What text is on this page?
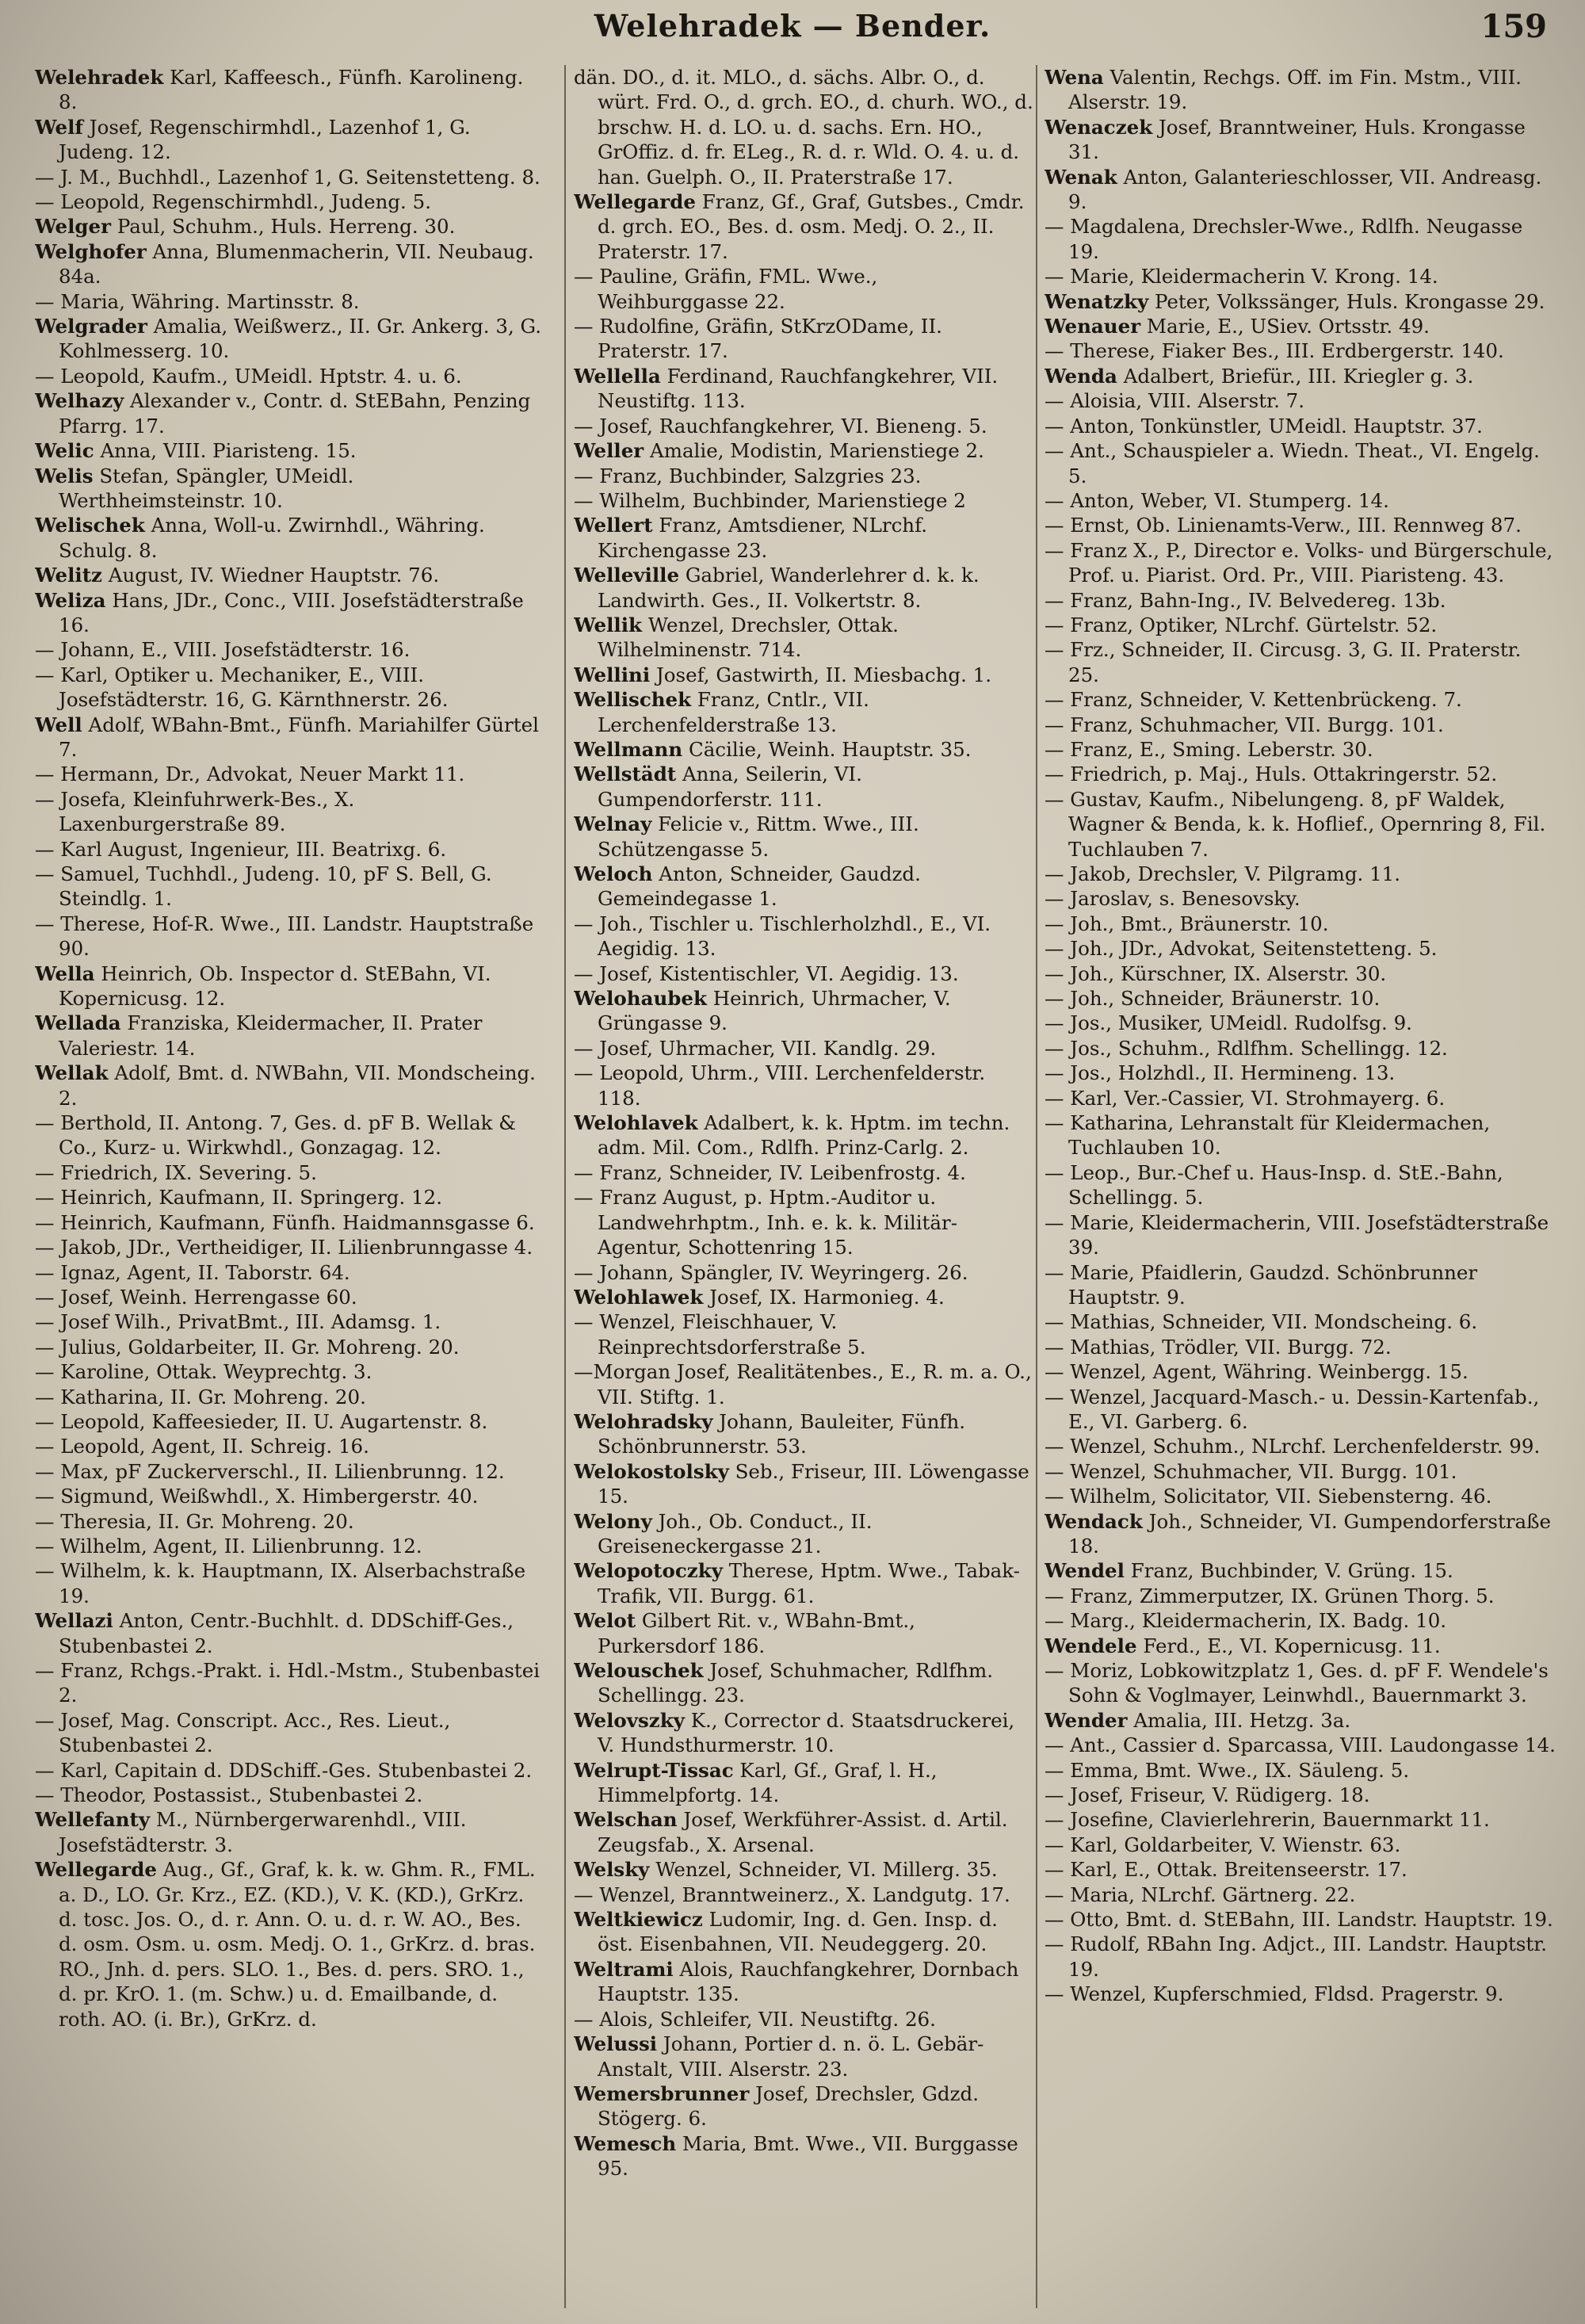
Welehradek — Bender.	159

Welehradek Karl, Kaffeesch., Fünfh. Karolineng. 8.

Welf Josef, Regenschirmhdl., Lazenhof 1, G. Judeng. 12.

— J. M., Buchhdl., Lazenhof 1, G. Seitenstetteng. 8.

— Leopold, Regenschirmhdl., Judeng. 5.

Welger Paul, Schuhm., Huls. Herreng. 30.

Welghofer Anna, Blumenmacherin, VII. Neubaug. 84a.

— Maria, Währing. Martinsstr. 8.

Welgrader Amalia, Weißwerz., II. Gr. Ankerg. 3, G. Kohlmesserg. 10.

— Leopold, Kaufm., UMeidl. Hptstr. 4. u. 6.

Welhazy Alexander v., Contr. d. StEBahn, Penzing Pfarrg. 17.

Welic Anna, VIII. Piaristeng. 15.

Welis Stefan, Spängler, UMeidl. Werthheimsteinstr. 10.

Welischek Anna, Woll-u. Zwirnhdl., Währing. Schulg. 8.

Welitz August, IV. Wiedner Hauptstr. 76.

Weliza Hans, JDr., Conc., VIII. Josefstädterstraße 16.

— Johann, E., VIII. Josefstädterstr. 16.

— Karl, Optiker u. Mechaniker, E., VIII. Josefstädterstr. 16, G. Kärnthnerstr. 26.

Well Adolf, WBahn-Bmt., Fünfh. Mariahilfer Gürtel 7.

— Hermann, Dr., Advokat, Neuer Markt 11.

— Josefa, Kleinfuhrwerk-Bes., X. Laxenburgerstraße 89.

— Karl August, Ingenieur, III. Beatrixg. 6.

— Samuel, Tuchhdl., Judeng. 10, pF S. Bell, G. Steindlg. 1.

— Therese, Hof-R. Wwe., III. Landstr. Hauptstraße 90.

Wella Heinrich, Ob. Inspector d. StEBahn, VI. Kopernicusg. 12.

Wellada Franziska, Kleidermacher, II. Prater Valeriestr. 14.

Wellak Adolf, Bmt. d. NWBahn, VII. Mondscheing. 2.

— Berthold, II. Antong. 7, Ges. d. pF B. Wellak & Co., Kurz- u. Wirkwhdl., Gonzagag. 12.

— Friedrich, IX. Severing. 5.

— Heinrich, Kaufmann, II. Springerg. 12.

— Heinrich, Kaufmann, Fünfh. Haidmannsgasse 6.

— Jakob, JDr., Vertheidiger, II. Lilienbrunngasse 4.

— Ignaz, Agent, II. Taborstr. 64.

— Josef, Weinh. Herrengasse 60.

— Josef Wilh., PrivatBmt., III. Adamsg. 1.

— Julius, Goldarbeiter, II. Gr. Mohreng. 20.

— Karoline, Ottak. Weyprechtg. 3.

— Katharina, II. Gr. Mohreng. 20.

— Leopold, Kaffeesieder, II. U. Augartenstr. 8.

— Leopold, Agent, II. Schreig. 16.

— Max, pF Zuckerverschl., II. Lilienbrunng. 12.

— Sigmund, Weißwhdl., X. Himbergerstr. 40.

— Theresia, II. Gr. Mohreng. 20.

— Wilhelm, Agent, II. Lilienbrunng. 12.

— Wilhelm, k. k. Hauptmann, IX. Alserbachstraße 19.

Wellazi Anton, Centr.-Buchhlt. d. DDSchiff-Ges., Stubenbastei 2.

— Franz, Rchgs.-Prakt. i. Hdl.-Mstm., Stubenbastei 2.

— Josef, Mag. Conscript. Acc., Res. Lieut., Stubenbastei 2.

— Karl, Capitain d. DDSchiff.-Ges. Stubenbastei 2.

— Theodor, Postassist., Stubenbastei 2.

Wellefanty M., Nürnbergerwarenhdl., VIII. Josefstädterstr. 3.

Wellegarde Aug., Gf., Graf, k. k. w. Ghm. R., FML. a. D., LO. Gr. Krz., EZ. (KD.), V. K. (KD.), GrKrz. d. tosc. Jos. O., d. r. Ann. O. u. d. r. W. AO., Bes. d. osm. Osm. u. osm. Medj. O. 1., GrKrz. d. bras. RO., Jnh. d. pers. SLO. 1., Bes. d. pers. SRO. 1., d. pr. KrO. 1. (m. Schw.) u. d. Emailbande, d. roth. AO. (i. Br.), GrKrz. d.

dän. DO., d. it. MLO., d. sächs. Albr. O., d. würt. Frd. O., d. grch. EO., d. churh. WO., d. brschw. H. d. LO. u. d. sachs. Ern. HO., GrOffiz. d. fr. ELeg., R. d. r. Wld. O. 4. u. d. han. Guelph. O., II. Praterstraße 17.

Wellegarde Franz, Gf., Graf, Gutsbes., Cmdr. d. grch. EO., Bes. d. osm. Medj. O. 2., II. Praterstr. 17.

— Pauline, Gräfin, FML. Wwe., Weihburggasse 22.

— Rudolfine, Gräfin, StKrzODame, II. Praterstr. 17.

Wellella Ferdinand, Rauchfangkehrer, VII. Neustiftg. 113.

— Josef, Rauchfangkehrer, VI. Bieneng. 5.

Weller Amalie, Modistin, Marienstiege 2.

— Franz, Buchbinder, Salzgries 23.

— Wilhelm, Buchbinder, Marienstiege 2

Wellert Franz, Amtsdiener, NLrchf. Kirchengasse 23.

Welleville Gabriel, Wanderlehrer d. k. k. Landwirth. Ges., II. Volkertstr. 8.

Wellik Wenzel, Drechsler, Ottak. Wilhelminenstr. 714.

Wellini Josef, Gastwirth, II. Miesbachg. 1.

Wellischek Franz, Cntlr., VII. Lerchenfelderstraße 13.

Wellmann Cäcilie, Weinh. Hauptstr. 35.

Wellstädt Anna, Seilerin, VI. Gumpendorferstr. 111.

Welnay Felicie v., Rittm. Wwe., III. Schützengasse 5.

Weloch Anton, Schneider, Gaudzd. Gemeindegasse 1.

— Joh., Tischler u. Tischlerholzhdl., E., VI. Aegidig. 13.

— Josef, Kistentischler, VI. Aegidig. 13.

Welohaubek Heinrich, Uhrmacher, V. Grüngasse 9.

— Josef, Uhrmacher, VII. Kandlg. 29.

— Leopold, Uhrm., VIII. Lerchenfelderstr. 118.

Welohlavek Adalbert, k. k. Hptm. im techn. adm. Mil. Com., Rdlfh. Prinz-Carlg. 2.

— Franz, Schneider, IV. Leibenfrostg. 4.

— Franz August, p. Hptm.-Auditor u. Landwehrhptm., Inh. e. k. k. Militär-Agentur, Schottenring 15.

— Johann, Spängler, IV. Weyringerg. 26.

Welohlawek Josef, IX. Harmonieg. 4.

— Wenzel, Fleischhauer, V. Reinprechtsdorferstraße 5.

—Morgan Josef, Realitätenbes., E., R. m. a. O., VII. Stiftg. 1.

Welohradsky Johann, Bauleiter, Fünfh. Schönbrunnerstr. 53.

Welokostolsky Seb., Friseur, III. Löwengasse 15.

Welony Joh., Ob. Conduct., II. Greiseneckergasse 21.

Welopotoczky Therese, Hptm. Wwe., Tabak-Trafik, VII. Burgg. 61.

Welot Gilbert Rit. v., WBahn-Bmt., Purkersdorf 186.

Welouschek Josef, Schuhmacher, Rdlfhm. Schellingg. 23.

Welovszky K., Corrector d. Staatsdruckerei, V. Hundsthurmerstr. 10.

Welrupt-Tissac Karl, Gf., Graf, l. H., Himmelpfortg. 14.

Welschan Josef, Werkführer-Assist. d. Artil. Zeugsfab., X. Arsenal.

Welsky Wenzel, Schneider, VI. Millerg. 35.

— Wenzel, Branntweinerz., X. Landgutg. 17.

Weltkiewicz Ludomir, Ing. d. Gen. Insp. d. öst. Eisenbahnen, VII. Neudeggerg. 20.

Weltrami Alois, Rauchfangkehrer, Dornbach Hauptstr. 135.

— Alois, Schleifer, VII. Neustiftg. 26.

Welussi Johann, Portier d. n. ö. L. Gebär-Anstalt, VIII. Alserstr. 23.

Wemersbrunner Josef, Drechsler, Gdzd. Stögerg. 6.

Wemesch Maria, Bmt. Wwe., VII. Burggasse 95.

Wena Valentin, Rechgs. Off. im Fin. Mstm., VIII. Alserstr. 19.

Wenaczek Josef, Branntweiner, Huls. Krongasse 31.

Wenak Anton, Galanterieschlosser, VII. Andreasg. 9.

— Magdalena, Drechsler-Wwe., Rdlfh. Neugasse 19.

— Marie, Kleidermacherin V. Krong. 14.

Wenatzky Peter, Volkssänger, Huls. Krongasse 29.

Wenauer Marie, E., USiev. Ortsstr. 49.

— Therese, Fiaker Bes., III. Erdbergerstr. 140.

Wenda Adalbert, Briefür., III. Kriegler g. 3.

— Aloisia, VIII. Alserstr. 7.

— Anton, Tonkünstler, UMeidl. Hauptstr. 37.

— Ant., Schauspieler a. Wiedn. Theat., VI. Engelg. 5.

— Anton, Weber, VI. Stumperg. 14.

— Ernst, Ob. Linienamts-Verw., III. Rennweg 87.

— Franz X., P., Director e. Volks- und Bürgerschule, Prof. u. Piarist. Ord. Pr., VIII. Piaristeng. 43.

— Franz, Bahn-Ing., IV. Belvedereg. 13b.

— Franz, Optiker, NLrchf. Gürtelstr. 52.

— Frz., Schneider, II. Circusg. 3, G. II. Praterstr. 25.

— Franz, Schneider, V. Kettenbrückeng. 7.

— Franz, Schuhmacher, VII. Burgg. 101.

— Franz, E., Sming. Leberstr. 30.

— Friedrich, p. Maj., Huls. Ottakringerstr. 52.

— Gustav, Kaufm., Nibelungeng. 8, pF Waldek, Wagner & Benda, k. k. Hoflief., Opernring 8, Fil. Tuchlauben 7.

— Jakob, Drechsler, V. Pilgramg. 11.

— Jaroslav, s. Benesovsky.

— Joh., Bmt., Bräunerstr. 10.

— Joh., JDr., Advokat, Seitenstetteng. 5.

— Joh., Kürschner, IX. Alserstr. 30.

— Joh., Schneider, Bräunerstr. 10.

— Jos., Musiker, UMeidl. Rudolfsg. 9.

— Jos., Schuhm., Rdlfhm. Schellingg. 12.

— Jos., Holzhdl., II. Hermineng. 13.

— Karl, Ver.-Cassier, VI. Strohmayerg. 6.

— Katharina, Lehranstalt für Kleidermachen, Tuchlauben 10.

— Leop., Bur.-Chef u. Haus-Insp. d. StE.-Bahn, Schellingg. 5.

— Marie, Kleidermacherin, VIII. Josefstädterstraße 39.

— Marie, Pfaidlerin, Gaudzd. Schönbrunner Hauptstr. 9.

— Mathias, Schneider, VII. Mondscheing. 6.

— Mathias, Trödler, VII. Burgg. 72.

— Wenzel, Agent, Währing. Weinbergg. 15.

— Wenzel, Jacquard-Masch.- u. Dessin-Kartenfab., E., VI. Garberg. 6.

— Wenzel, Schuhm., NLrchf. Lerchenfelderstr. 99.

— Wenzel, Schuhmacher, VII. Burgg. 101.

— Wilhelm, Solicitator, VII. Siebensterng. 46.

Wendack Joh., Schneider, VI. Gumpendorferstraße 18.

Wendel Franz, Buchbinder, V. Grüng. 15.

— Franz, Zimmerputzer, IX. Grünen Thorg. 5.

— Marg., Kleidermacherin, IX. Badg. 10.

Wendele Ferd., E., VI. Kopernicusg. 11.

— Moriz, Lobkowitzplatz 1, Ges. d. pF F. Wendele's Sohn & Voglmayer, Leinwhdl., Bauernmarkt 3.

Wender Amalia, III. Hetzg. 3a.

— Ant., Cassier d. Sparcassa, VIII. Laudongasse 14.

— Emma, Bmt. Wwe., IX. Säuleng. 5.

— Josef, Friseur, V. Rüdigerg. 18.

— Josefine, Clavierlehrerin, Bauernmarkt 11.

— Karl, Goldarbeiter, V. Wienstr. 63.

— Karl, E., Ottak. Breitenseerstr. 17.

— Maria, NLrchf. Gärtnerg. 22.

— Otto, Bmt. d. StEBahn, III. Landstr. Hauptstr. 19.

— Rudolf, RBahn Ing. Adjct., III. Landstr. Hauptstr. 19.

— Wenzel, Kupferschmied, Fldsd. Pragerstr. 9.
